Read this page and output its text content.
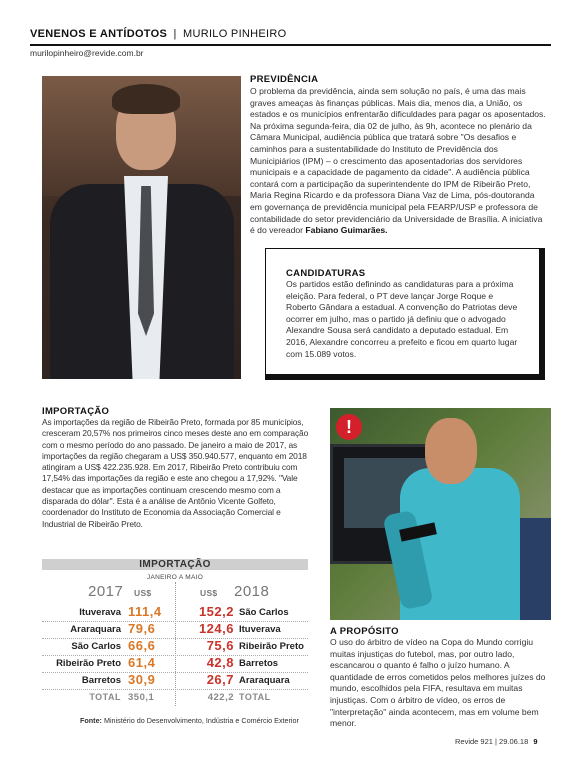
VENENOS E ANTÍDOTOS | MURILO PINHEIRO
murilopinheiro@revide.com.br
PREVIDÊNCIA
O problema da previdência, ainda sem solução no país, é uma das mais graves ameaças às finanças públicas. Mais dia, menos dia, a União, os estados e os municípios enfrentarão dificuldades para pagar os aposentados. Na próxima segunda-feira, dia 02 de julho, às 9h, acontece no plenário da Câmara Municipal, audiência pública que tratará sobre "Os desafios e caminhos para a sustentabilidade do Instituto de Previdência dos Municipiários (IPM) – o crescimento das aposentadorias dos servidores municipais e a capacidade de pagamento da cidade". A audiência pública contará com a participação da superintendente do IPM de Ribeirão Preto, Maria Regina Ricardo e da professora Diana Vaz de Lima, pós-doutoranda em governança de previdência municipal pela FEARP/USP e professora de contabilidade do setor previdenciário da Universidade de Brasília. A iniciativa é do vereador Fabiano Guimarães.
CANDIDATURAS
Os partidos estão definindo as candidaturas para a próxima eleição. Para federal, o PT deve lançar Jorge Roque e Roberto Gândara a estadual. A convenção do Patriotas deve ocorrer em julho, mas o partido já definiu que o advogado Alexandre Sousa será candidato a deputado estadual. Em 2016, Alexandre concorreu a prefeito e ficou em quarto lugar com 15.089 votos.
IMPORTAÇÃO
As importações da região de Ribeirão Preto, formada por 85 municípios, cresceram 20,57% nos primeiros cinco meses deste ano em comparação com o mesmo período do ano passado. De janeiro a maio de 2017, as importações da região chegaram a US$ 350.940.577, enquanto em 2018 atingiram a US$ 422.235.928. Em 2017, Ribeirão Preto contribuiu com 17,54% das importações da região e este ano chegou a 17,92%. "Vale destacar que as importações continuam crescendo mesmo com a disparada do dólar". Esta é a análise de Antônio Vicente Golfeto, coordenador do Instituto de Economia da Associação Comercial e Industrial de Ribeirão Preto.
!
A PROPÓSITO
O uso do árbitro de vídeo na Copa do Mundo corrigiu muitas injustiças do futebol, mas, por outro lado, escancarou o quanto é falho o juízo humano. A quantidade de erros cometidos pelos melhores juízes do mundo, escolhidos pela FIFA, resultava em muitas injustiças. Com o árbitro de vídeo, os erros de "interpretação" ainda acontecem, mas em volume bem menor.
IMPORTAÇÃO
JANEIRO A MAIO
2017 US$	US$ 2018
Ituverava 111,4	152,2 São Carlos
Araraquara 79,6	124,6 Ituverava
São Carlos 66,6	75,6 Ribeirão Preto
Ribeirão Preto 61,4	42,8 Barretos
Barretos 30,9	26,7 Araraquara
TOTAL 350,1	422,2 TOTAL
Fonte: Ministério do Desenvolvimento, Indústria e Comércio Exterior
Revide 921 | 29.06.18 9
